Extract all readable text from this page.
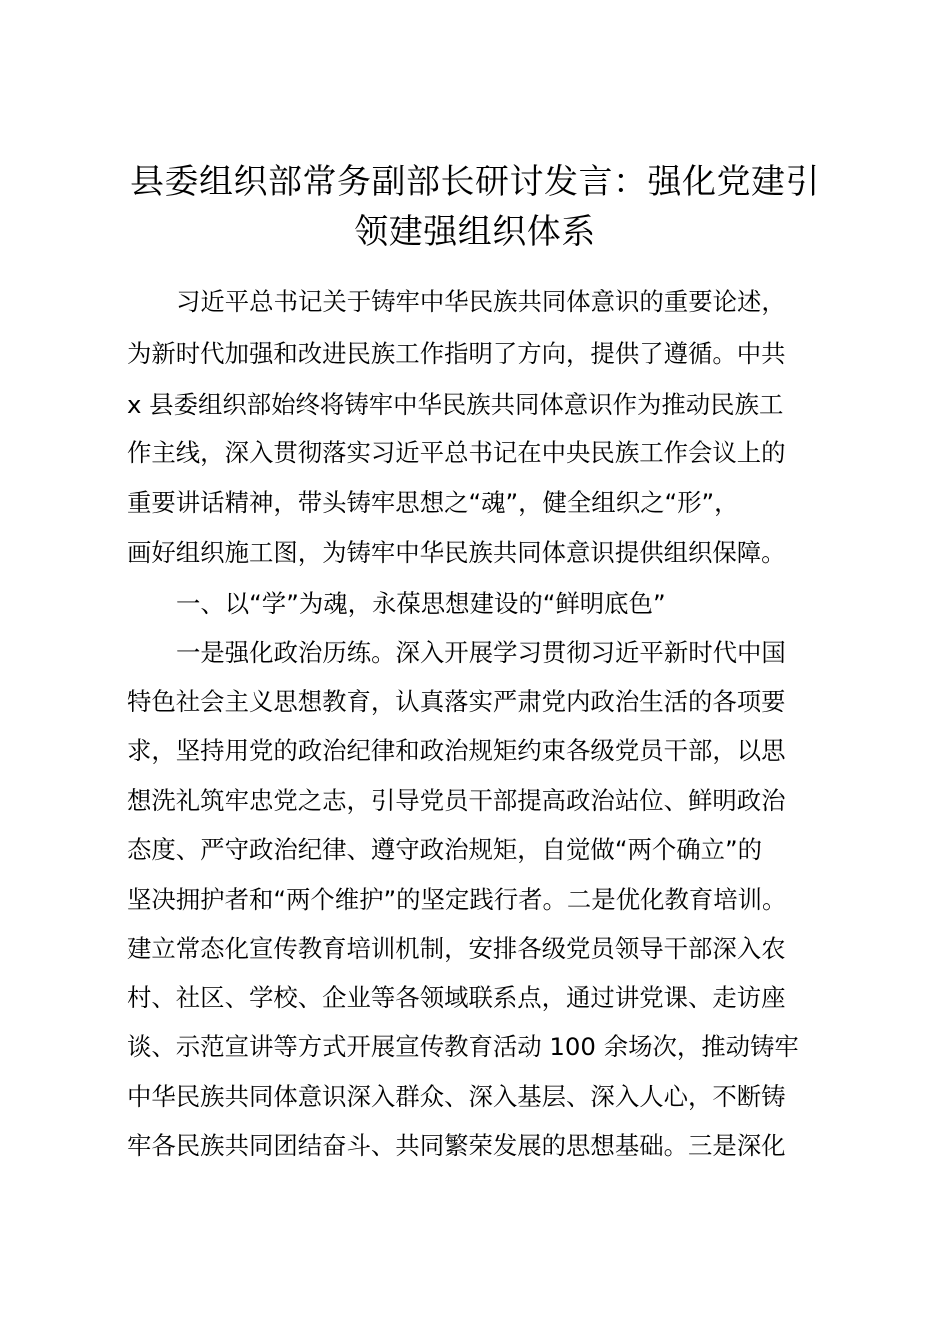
县委组织部常务副部长研讨发言：强化党建引
领建强组织体系
习近平总书记关于铸牢中华民族共同体意识的重要论述，
为新时代加强和改进民族工作指明了方向，提供了遵循。中共
x 县委组织部始终将铸牢中华民族共同体意识作为推动民族工
作主线，深入贯彻落实习近平总书记在中央民族工作会议上的
重要讲话精神，带头铸牢思想之“魂”，健全组织之“形”，
画好组织施工图，为铸牢中华民族共同体意识提供组织保障。
一、以“学”为魂，永葆思想建设的“鲜明底色”
一是强化政治历练。深入开展学习贯彻习近平新时代中国
特色社会主义思想教育，认真落实严肃党内政治生活的各项要
求，坚持用党的政治纪律和政治规矩约束各级党员干部，以思
想洗礼筑牢忠党之志，引导党员干部提高政治站位、鲜明政治
态度、严守政治纪律、遵守政治规矩，自觉做“两个确立”的
坚决拥护者和“两个维护”的坚定践行者。二是优化教育培训。
建立常态化宣传教育培训机制，安排各级党员领导干部深入农
村、社区、学校、企业等各领域联系点，通过讲党课、走访座
谈、示范宣讲等方式开展宣传教育活动 100 余场次，推动铸牢
中华民族共同体意识深入群众、深入基层、深入人心，不断铸
牢各民族共同团结奋斗、共同繁荣发展的思想基础。三是深化
